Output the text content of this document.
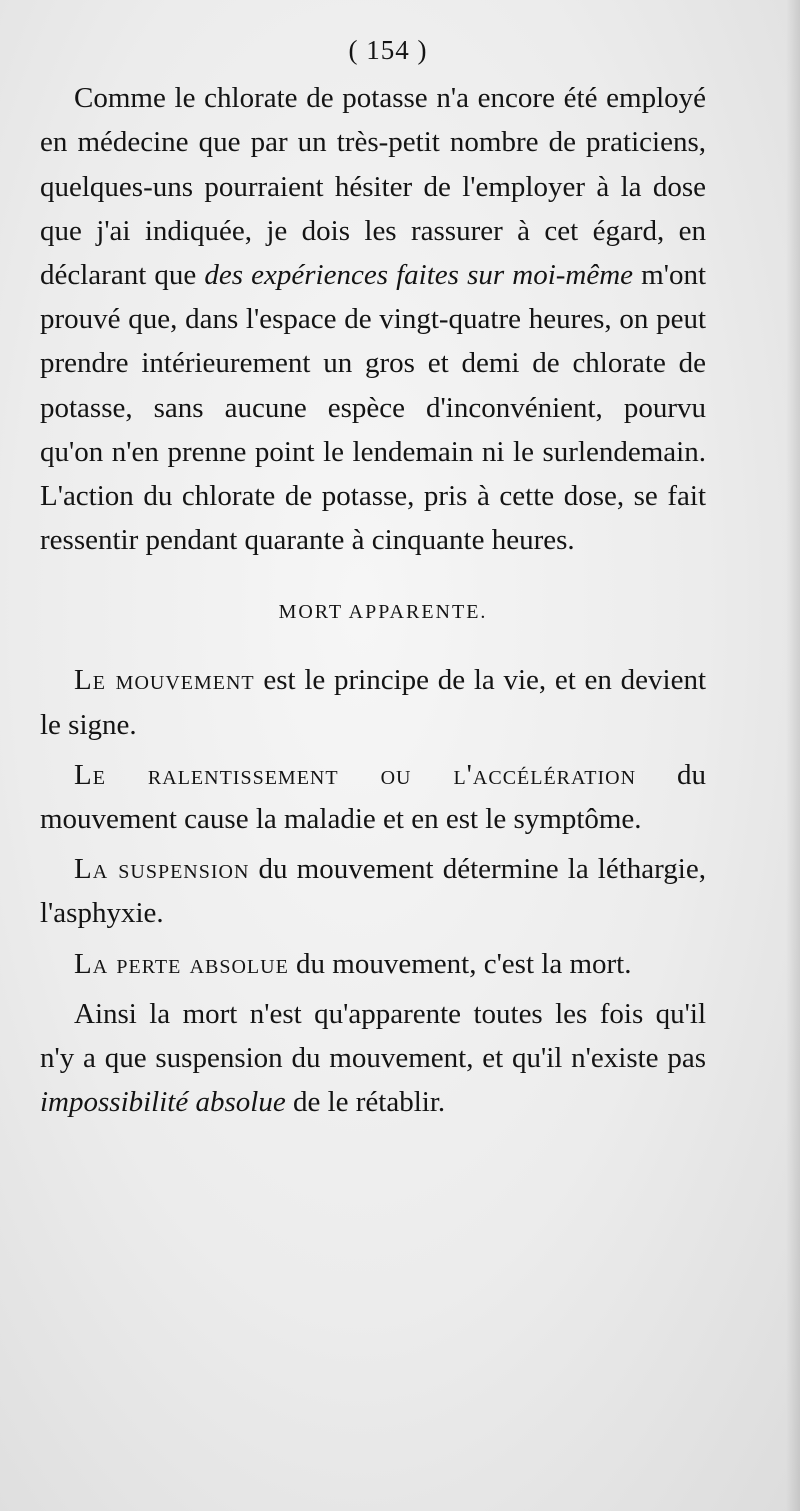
( 154 )

Comme le chlorate de potasse n'a encore été employé en médecine que par un très-petit nombre de praticiens, quelques-uns pourraient hésiter de l'employer à la dose que j'ai indiquée, je dois les rassurer à cet égard, en déclarant que des expériences faites sur moi-même m'ont prouvé que, dans l'espace de vingt-quatre heures, on peut prendre intérieurement un gros et demi de chlorate de potasse, sans aucune espèce d'inconvénient, pourvu qu'on n'en prenne point le lendemain ni le surlendemain. L'action du chlorate de potasse, pris à cette dose, se fait ressentir pendant quarante à cinquante heures.

MORT APPARENTE.

Le mouvement est le principe de la vie, et en devient le signe.

Le ralentissement ou l'accélération du mouvement cause la maladie et en est le symptôme.

La suspension du mouvement détermine la léthargie, l'asphyxie.

La perte absolue du mouvement, c'est la mort.

Ainsi la mort n'est qu'apparente toutes les fois qu'il n'y a que suspension du mouvement, et qu'il n'existe pas impossibilité absolue de le rétablir.
